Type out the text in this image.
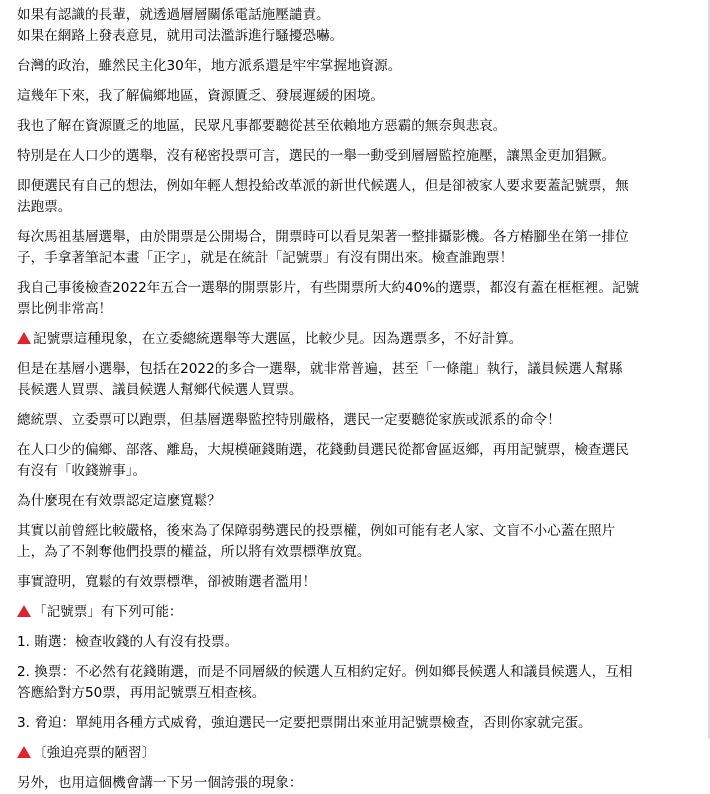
如果有認識的長輩，就透過層層關係電話施壓譴責。
如果在網路上發表意見，就用司法濫訴進行騷擾恐嚇。
台灣的政治，雖然民主化30年，地方派系還是牢牢掌握地資源。
這幾年下來，我了解偏鄉地區，資源匱乏、發展遲緩的困境。
我也了解在資源匱乏的地區，民眾凡事都要聽從甚至依賴地方惡霸的無奈與悲哀。
特別是在人口少的選舉，沒有秘密投票可言，選民的一舉一動受到層層監控施壓，讓黑金更加猖獗。
即便選民有自己的想法，例如年輕人想投給改革派的新世代候選人，但是卻被家人要求要蓋記號票，無
法跑票。
每次馬祖基層選舉，由於開票是公開場合，開票時可以看見架著一整排攝影機。各方樁腳坐在第一排位
子，手拿著筆記本畫「正字」，就是在統計「記號票」有沒有開出來。檢查誰跑票！
我自己事後檢查2022年五合一選舉的開票影片，有些開票所大約40%的選票，都沒有蓋在框框裡。記號
票比例非常高！
記號票這種現象，在立委總統選舉等大選區，比較少見。因為選票多，不好計算。
但是在基層小選舉，包括在2022的多合一選舉，就非常普遍，甚至「一條龍」執行，議員候選人幫縣
長候選人買票、議員候選人幫鄉代候選人買票。
總統票、立委票可以跑票，但基層選舉監控特別嚴格，選民一定要聽從家族或派系的命令！
在人口少的偏鄉、部落、離島，大規模砸錢賄選，花錢動員選民從都會區返鄉，再用記號票，檢查選民
有沒有「收錢辦事」。
為什麼現在有效票認定這麼寬鬆？
其實以前曾經比較嚴格，後來為了保障弱勢選民的投票權，例如可能有老人家、文盲不小心蓋在照片
上，為了不剝奪他們投票的權益，所以將有效票標準放寬。
事實證明，寬鬆的有效票標準，卻被賄選者濫用！
「記號票」有下列可能：
1. 賄選：檢查收錢的人有沒有投票。
2. 換票：不必然有花錢賄選，而是不同層級的候選人互相約定好。例如鄉長候選人和議員候選人，互相
答應給對方50票，再用記號票互相查核。
3. 脅迫：單純用各種方式威脅，強迫選民一定要把票開出來並用記號票檢查，否則你家就完蛋。
〔強迫亮票的陋習〕
另外，也用這個機會講一下另一個誇張的現象：
